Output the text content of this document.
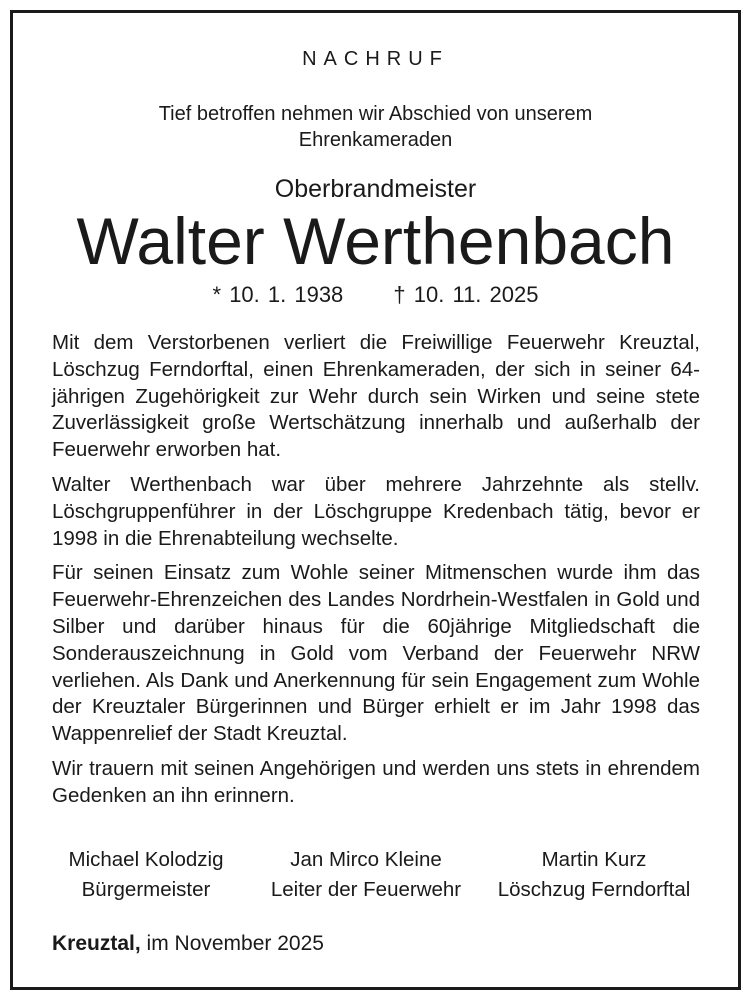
NACHRUF
Tief betroffen nehmen wir Abschied von unserem
Ehrenkameraden
Oberbrandmeister
Walter Werthenbach
* 10. 1. 1938 † 10. 11. 2025

Mit dem Verstorbenen verliert die Freiwillige Feuerwehr Kreuztal, Löschzug Ferndorftal, einen Ehrenkameraden, der sich in seiner 64-jährigen Zugehörigkeit zur Wehr durch sein Wirken und seine stete Zuverlässigkeit große Wertschätzung innerhalb und außerhalb der Feuerwehr erworben hat.

Walter Werthenbach war über mehrere Jahrzehnte als stellv. Löschgruppenführer in der Löschgruppe Kredenbach tätig, bevor er 1998 in die Ehrenabteilung wechselte.

Für seinen Einsatz zum Wohle seiner Mitmenschen wurde ihm das Feuerwehr-Ehrenzeichen des Landes Nordrhein-Westfalen in Gold und Silber und darüber hinaus für die 60jährige Mitgliedschaft die Sonderauszeichnung in Gold vom Verband der Feuerwehr NRW verliehen. Als Dank und Anerkennung für sein Engagement zum Wohle der Kreuztaler Bürgerinnen und Bürger erhielt er im Jahr 1998 das Wappenrelief der Stadt Kreuztal.

Wir trauern mit seinen Angehörigen und werden uns stets in ehrendem Gedenken an ihn erinnern.

Michael Kolodzig
Bürgermeister
Jan Mirco Kleine
Leiter der Feuerwehr
Martin Kurz
Löschzug Ferndorftal
Kreuztal, im November 2025
